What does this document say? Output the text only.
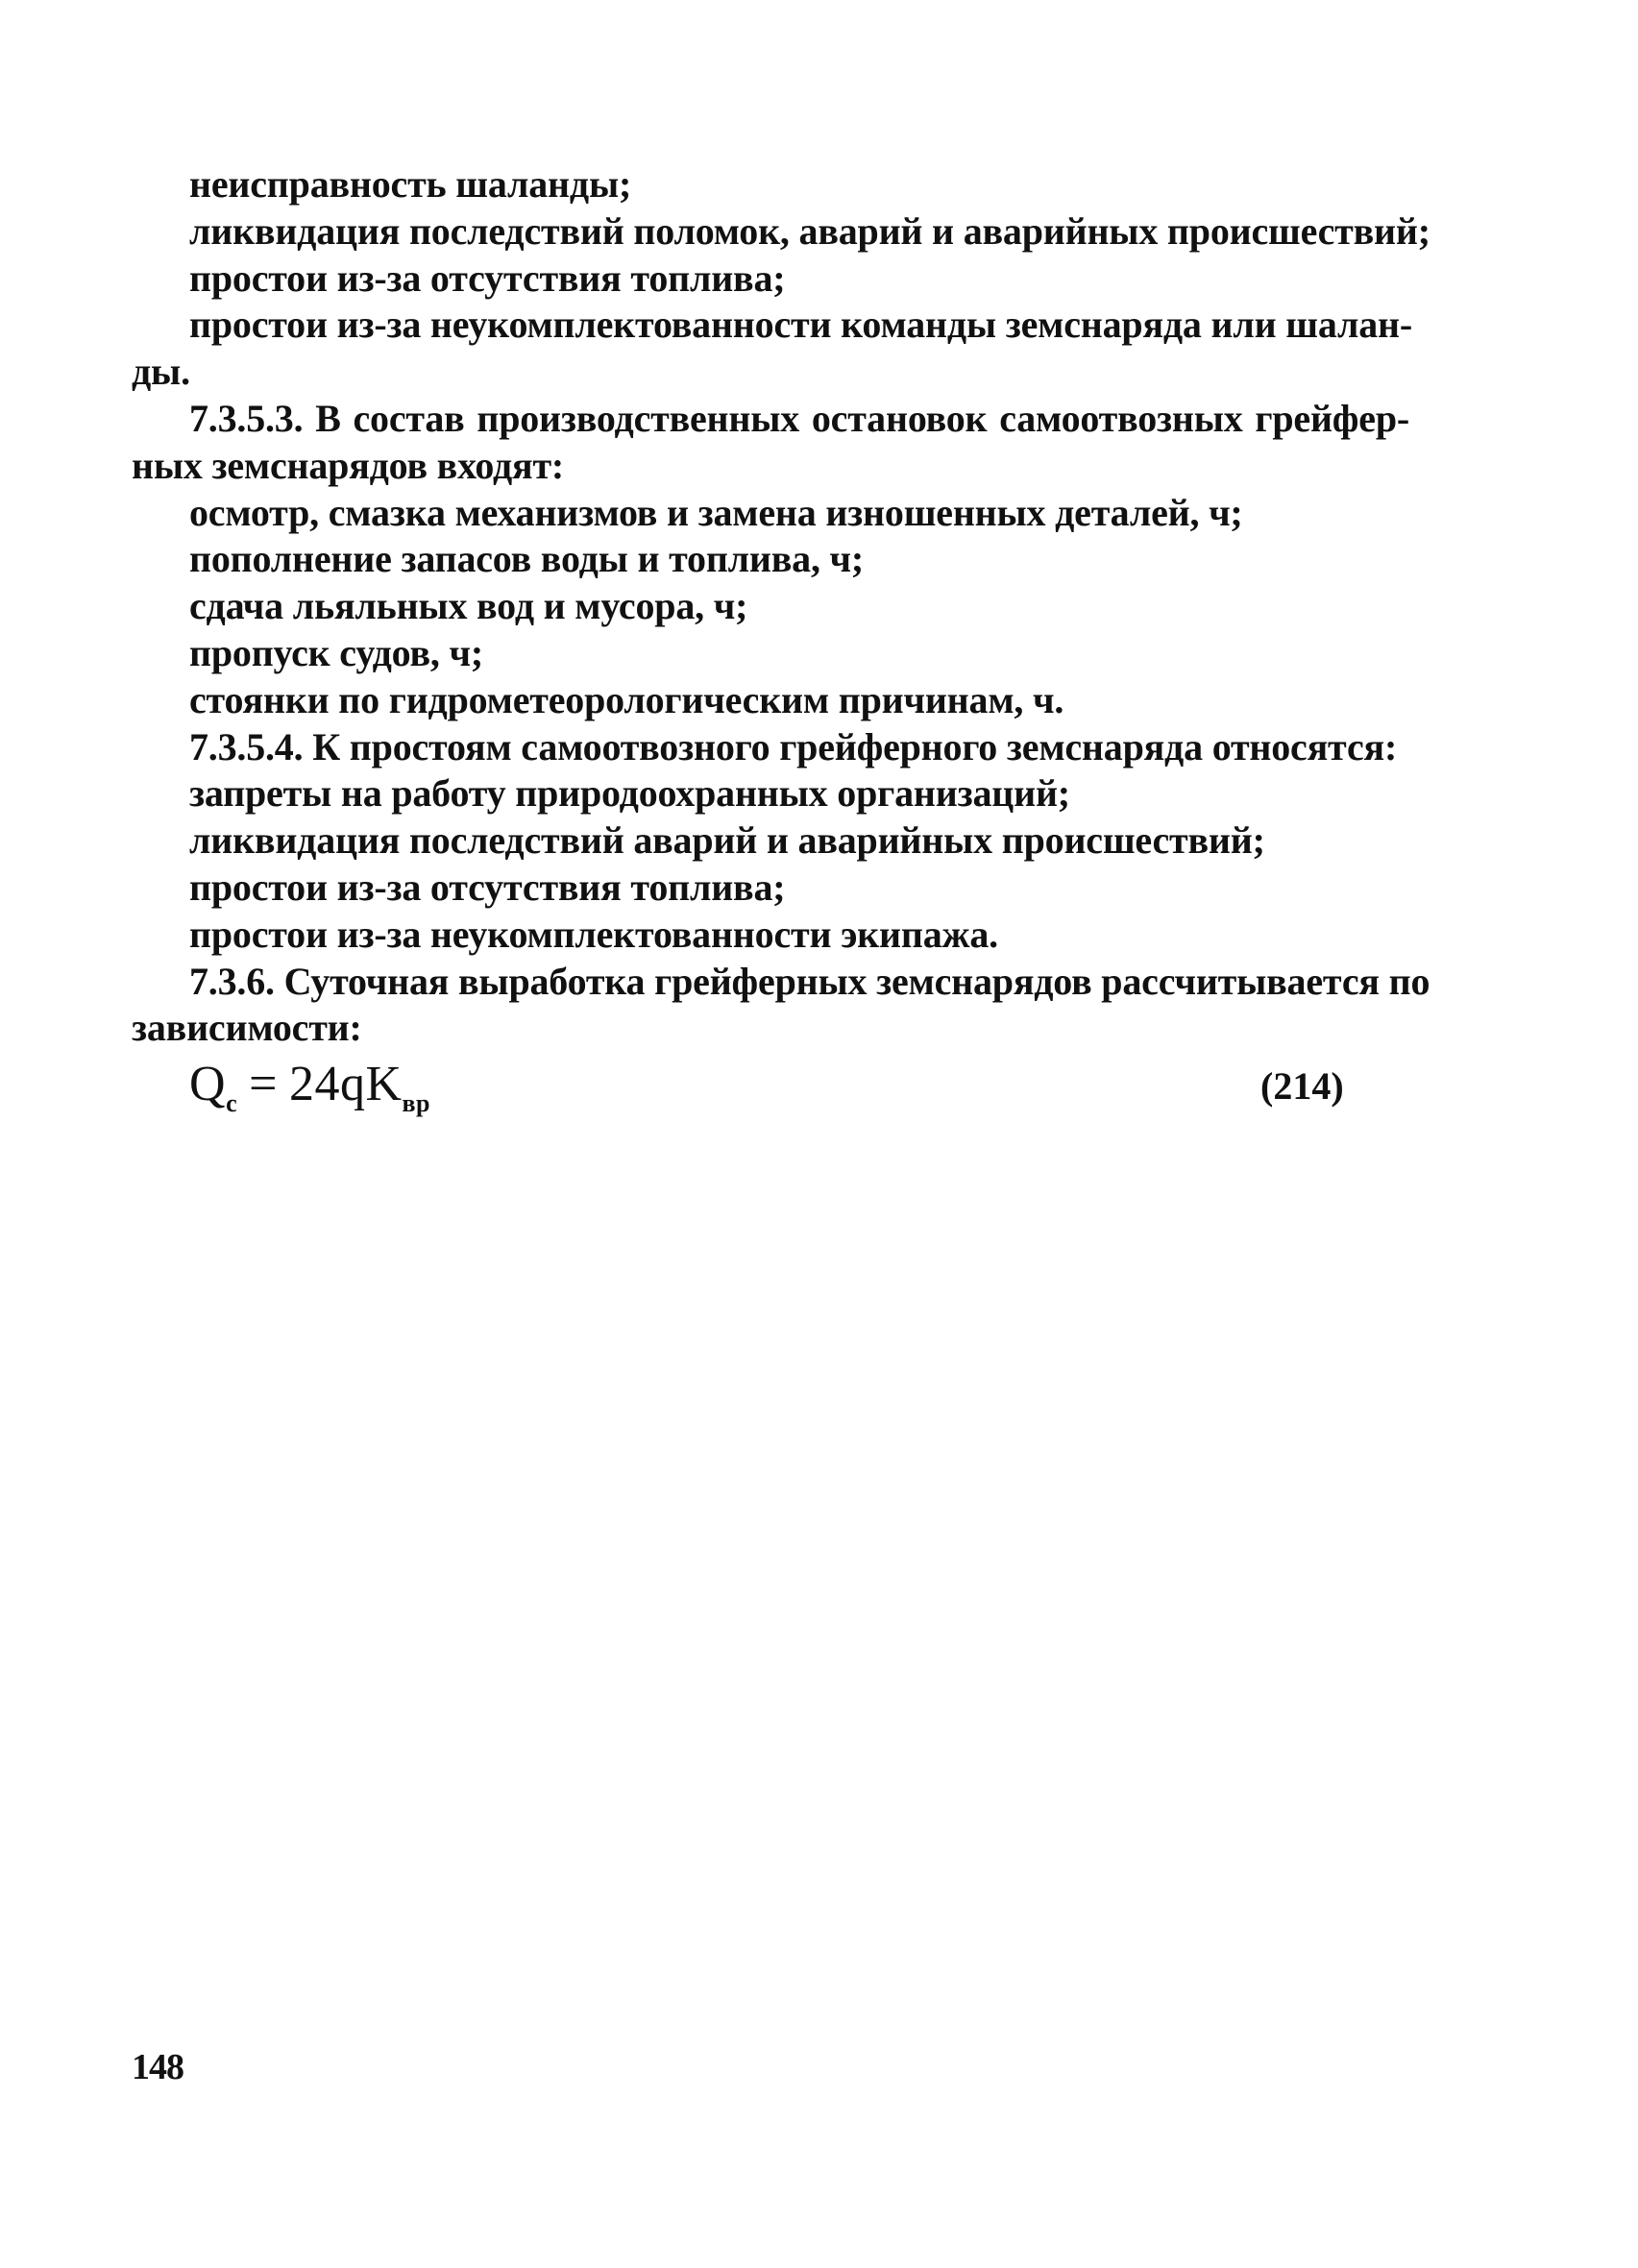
неисправность шаланды;
ликвидация последствий поломок, аварий и аварийных происшествий;
простои из-за отсутствия топлива;
простои из-за неукомплектованности команды земснаряда или шалан-
ды.
7.3.5.3. В состав производственных остановок самоотвозных грейфер-
ных земснарядов входят:
осмотр, смазка механизмов и замена изношенных деталей, ч;
пополнение запасов воды и топлива, ч;
сдача льяльных вод и мусора, ч;
пропуск судов, ч;
стоянки по гидрометеорологическим причинам, ч.
7.3.5.4. К простоям самоотвозного грейферного земснаряда относятся:
запреты на работу природоохранных организаций;
ликвидация последствий аварий и аварийных происшествий;
простои из-за отсутствия топлива;
простои из-за неукомплектованности экипажа.
7.3.6. Суточная выработка грейферных земснарядов рассчитывается по
зависимости:
$Q_c = 24qK_{вр}$	(214)
148
